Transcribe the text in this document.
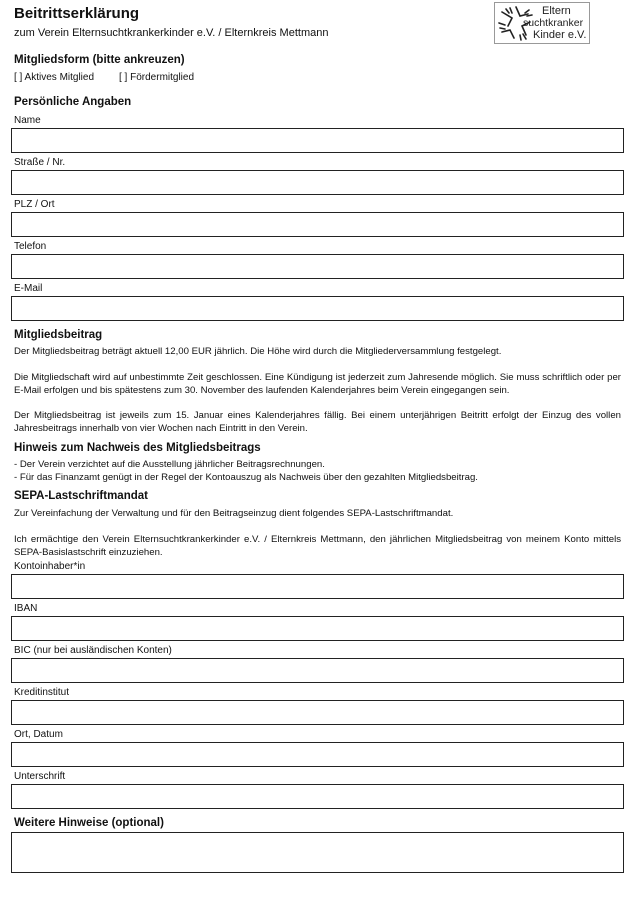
Beitrittserklärung
zum Verein Elternsuchtkrankerkinder e.V. / Elternkreis Mettmann
Eltern
suchtkranker
Kinder e.V.
Mitgliedsform (bitte ankreuzen)
[ ] Aktives Mitglied [ ] Fördermitglied
Persönliche Angaben
Name
Straße / Nr.
PLZ / Ort
Telefon
E-Mail
Mitgliedsbeitrag
Der Mitgliedsbeitrag beträgt aktuell 12,00 EUR jährlich. Die Höhe wird durch die Mitgliederversammlung festgelegt.
Die Mitgliedschaft wird auf unbestimmte Zeit geschlossen. Eine Kündigung ist jederzeit zum Jahresende möglich. Sie muss schriftlich oder per E-Mail erfolgen und bis spätestens zum 30. November des laufenden Kalenderjahres beim Verein eingegangen sein.
Der Mitgliedsbeitrag ist jeweils zum 15. Januar eines Kalenderjahres fällig. Bei einem unterjährigen Beitritt erfolgt der Einzug des vollen Jahresbeitrags innerhalb von vier Wochen nach Eintritt in den Verein.
Hinweis zum Nachweis des Mitgliedsbeitrags
- Der Verein verzichtet auf die Ausstellung jährlicher Beitragsrechnungen.
- Für das Finanzamt genügt in der Regel der Kontoauszug als Nachweis über den gezahlten Mitgliedsbeitrag.
SEPA-Lastschriftmandat
Zur Vereinfachung der Verwaltung und für den Beitragseinzug dient folgendes SEPA-Lastschriftmandat.
Ich ermächtige den Verein Elternsuchtkrankerkinder e.V. / Elternkreis Mettmann, den jährlichen Mitgliedsbeitrag von meinem Konto mittels SEPA-Basislastschrift einzuziehen.
Kontoinhaber*in
IBAN
BIC (nur bei ausländischen Konten)
Kreditinstitut
Ort, Datum
Unterschrift
Weitere Hinweise (optional)
